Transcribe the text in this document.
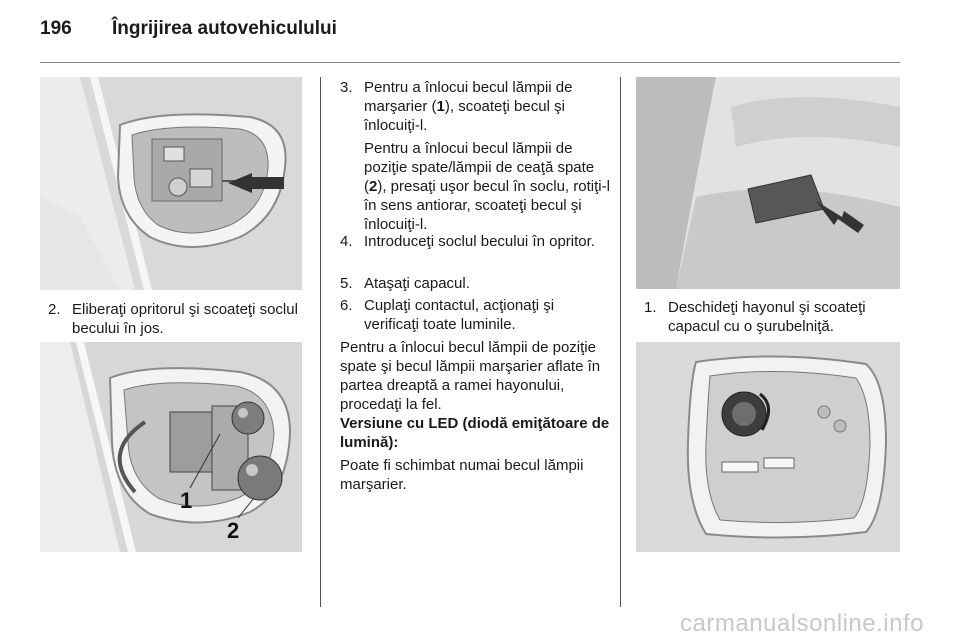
196 Îngrijirea autovehiculului
2. Eliberaţi opritorul şi scoateţi soclul becului în jos.
1
2
3. Pentru a înlocui becul lămpii de marşarier (1), scoateţi becul şi înlocuiţi-l.
Pentru a înlocui becul lămpii de poziţie spate/lămpii de ceaţă spate (2), presaţi uşor becul în soclu, rotiţi-l în sens antiorar, scoateţi becul şi înlocuiţi-l.
4. Introduceţi soclul becului în opritor.
5. Ataşaţi capacul.
6. Cuplaţi contactul, acţionaţi şi verificaţi toate luminile.
Pentru a înlocui becul lămpii de poziţie spate şi becul lămpii marşarier aflate în partea dreaptă a ramei hayonului, procedaţi la fel.
Versiune cu LED (diodă emiţătoare de lumină):
Poate fi schimbat numai becul lămpii marşarier.
1. Deschideţi hayonul şi scoateţi capacul cu o şurubelniţă.
carmanualsonline.info
